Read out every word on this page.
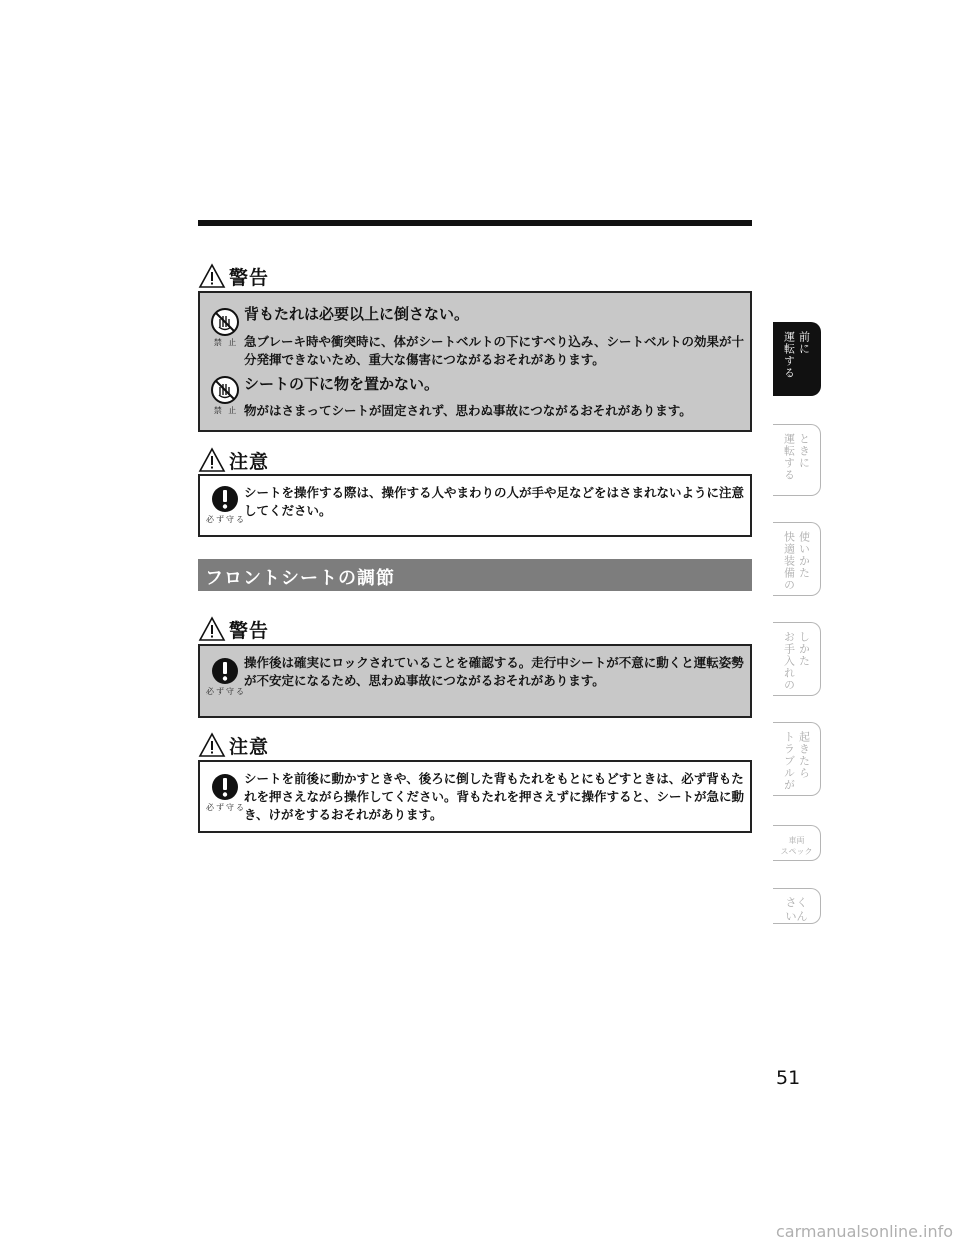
警告
禁 止
背もたれは必要以上に倒さない。
急ブレーキ時や衝突時に、体がシートベルトの下にすべり込み、シートベルトの効果が十分発揮できないため、重大な傷害につながるおそれがあります。
禁 止
シートの下に物を置かない。
物がはさまってシートが固定されず、思わぬ事故につながるおそれがあります。
注意
必ず守る
シートを操作する際は、操作する人やまわりの人が手や足などをはさまれないように注意してください。
フロントシートの調節
警告
必ず守る
操作後は確実にロックされていることを確認する。走行中シートが不意に動くと運転姿勢が不安定になるため、思わぬ事故につながるおそれがあります。
注意
必ず守る
シートを前後に動かすときや、後ろに倒した背もたれをもとにもどすときは、必ず背もたれを押さえながら操作してください。背もたれを押さえずに操作すると、シートが急に動き、けがをするおそれがあります。
運転する 前に
運転する ときに
快適装備の 使いかた
お手入れの しかた
トラブルが 起きたら
車両
スペック
さく
いん
51
carmanualsonline.info
